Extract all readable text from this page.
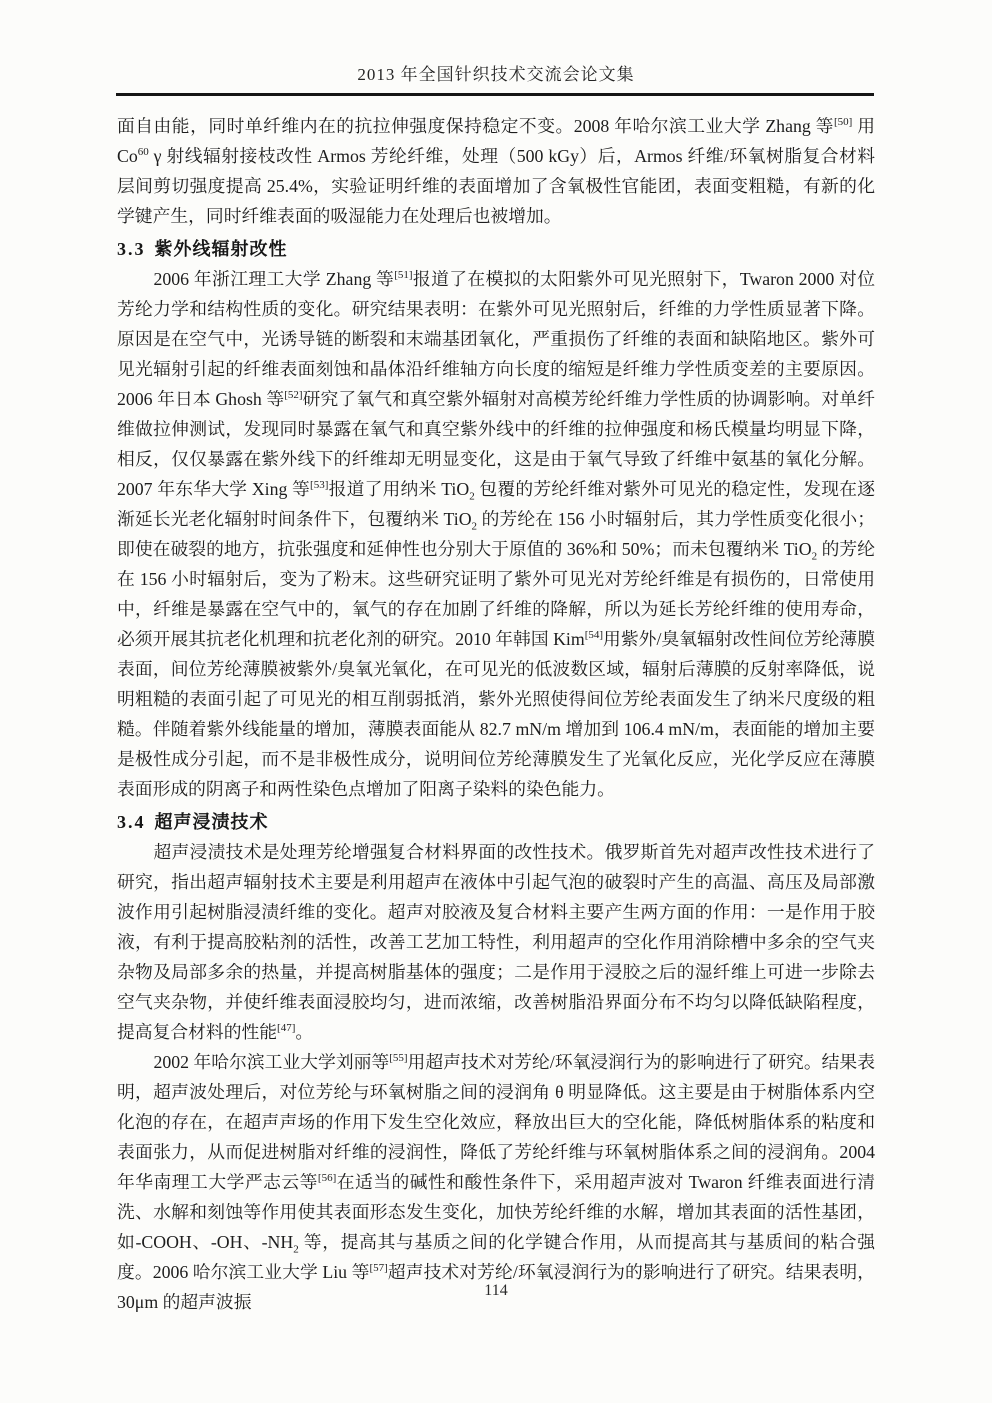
2013 年全国针织技术交流会论文集

面自由能，同时单纤维内在的抗拉伸强度保持稳定不变。2008 年哈尔滨工业大学 Zhang 等[50] 用 Co$^{60}$ γ 射线辐射接枝改性 Armos 芳纶纤维，处理（500 kGy）后，Armos 纤维/环氧树脂复合材料层间剪切强度提高 25.4%，实验证明纤维的表面增加了含氧极性官能团，表面变粗糙，有新的化学键产生，同时纤维表面的吸湿能力在处理后也被增加。

3.3 紫外线辐射改性

2006 年浙江理工大学 Zhang 等[51]报道了在模拟的太阳紫外可见光照射下，Twaron 2000 对位芳纶力学和结构性质的变化。研究结果表明：在紫外可见光照射后，纤维的力学性质显著下降。原因是在空气中，光诱导链的断裂和末端基团氧化，严重损伤了纤维的表面和缺陷地区。紫外可见光辐射引起的纤维表面刻蚀和晶体沿纤维轴方向长度的缩短是纤维力学性质变差的主要原因。2006 年日本 Ghosh 等[52]研究了氧气和真空紫外辐射对高模芳纶纤维力学性质的协调影响。对单纤维做拉伸测试，发现同时暴露在氧气和真空紫外线中的纤维的拉伸强度和杨氏模量均明显下降，相反，仅仅暴露在紫外线下的纤维却无明显变化，这是由于氧气导致了纤维中氨基的氧化分解。2007 年东华大学 Xing 等[53]报道了用纳米 TiO$_2$ 包覆的芳纶纤维对紫外可见光的稳定性，发现在逐渐延长光老化辐射时间条件下，包覆纳米 TiO$_2$ 的芳纶在 156 小时辐射后，其力学性质变化很小；即使在破裂的地方，抗张强度和延伸性也分别大于原值的 36%和 50%；而未包覆纳米 TiO$_2$ 的芳纶在 156 小时辐射后，变为了粉末。这些研究证明了紫外可见光对芳纶纤维是有损伤的，日常使用中，纤维是暴露在空气中的，氧气的存在加剧了纤维的降解，所以为延长芳纶纤维的使用寿命，必须开展其抗老化机理和抗老化剂的研究。2010 年韩国 Kim[54]用紫外/臭氧辐射改性间位芳纶薄膜表面，间位芳纶薄膜被紫外/臭氧光氧化，在可见光的低波数区域，辐射后薄膜的反射率降低，说明粗糙的表面引起了可见光的相互削弱抵消，紫外光照使得间位芳纶表面发生了纳米尺度级的粗糙。伴随着紫外线能量的增加，薄膜表面能从 82.7 mN/m 增加到 106.4 mN/m，表面能的增加主要是极性成分引起，而不是非极性成分，说明间位芳纶薄膜发生了光氧化反应，光化学反应在薄膜表面形成的阴离子和两性染色点增加了阳离子染料的染色能力。

3.4 超声浸渍技术

超声浸渍技术是处理芳纶增强复合材料界面的改性技术。俄罗斯首先对超声改性技术进行了研究，指出超声辐射技术主要是利用超声在液体中引起气泡的破裂时产生的高温、高压及局部激波作用引起树脂浸渍纤维的变化。超声对胶液及复合材料主要产生两方面的作用：一是作用于胶液，有利于提高胶粘剂的活性，改善工艺加工特性，利用超声的空化作用消除槽中多余的空气夹杂物及局部多余的热量，并提高树脂基体的强度；二是作用于浸胶之后的湿纤维上可进一步除去空气夹杂物，并使纤维表面浸胶均匀，进而浓缩，改善树脂沿界面分布不均匀以降低缺陷程度，提高复合材料的性能[47]。

2002 年哈尔滨工业大学刘丽等[55]用超声技术对芳纶/环氧浸润行为的影响进行了研究。结果表明，超声波处理后，对位芳纶与环氧树脂之间的浸润角 θ 明显降低。这主要是由于树脂体系内空化泡的存在，在超声声场的作用下发生空化效应，释放出巨大的空化能，降低树脂体系的粘度和表面张力，从而促进树脂对纤维的浸润性，降低了芳纶纤维与环氧树脂体系之间的浸润角。2004 年华南理工大学严志云等[56]在适当的碱性和酸性条件下，采用超声波对 Twaron 纤维表面进行清洗、水解和刻蚀等作用使其表面形态发生变化，加快芳纶纤维的水解，增加其表面的活性基团，如-COOH、-OH、$-NH_2$ 等，提高其与基质之间的化学键合作用，从而提高其与基质间的粘合强度。2006 哈尔滨工业大学 Liu 等[57]超声技术对芳纶/环氧浸润行为的影响进行了研究。结果表明，30μm 的超声波振

114
